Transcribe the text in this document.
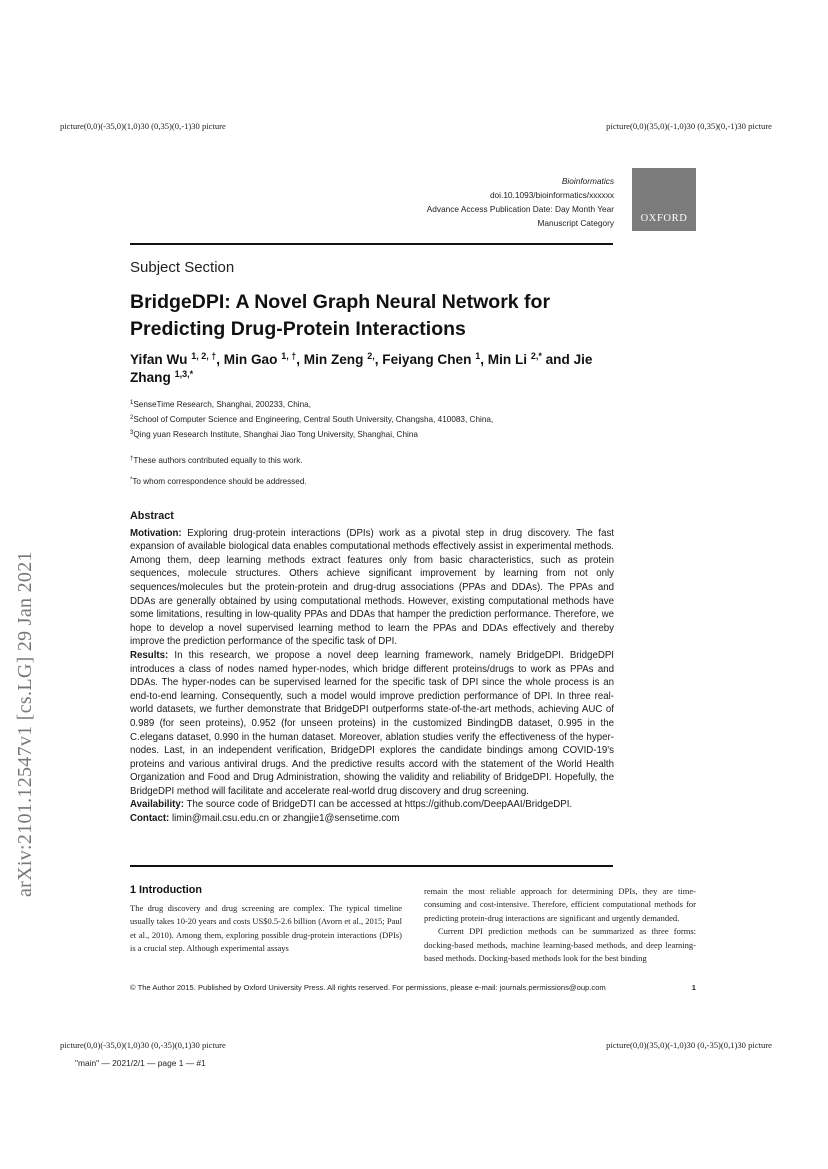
picture(0,0)(-35,0)(1,0)30 (0,35)(0,-1)30 picture	picture(0,0)(35,0)(-1,0)30 (0,35)(0,-1)30 picture
picture(0,0)(-35,0)(1,0)30 (0,-35)(0,1)30 picture	picture(0,0)(35,0)(-1,0)30 (0,-35)(0,1)30 picture
Bioinformatics
doi.10.1093/bioinformatics/xxxxxx
Advance Access Publication Date: Day Month Year
Manuscript Category	OXFORD
Subject Section
BridgeDPI: A Novel Graph Neural Network for Predicting Drug-Protein Interactions
Yifan Wu $^{1, 2, \dagger}$, Min Gao $^{1, \dagger}$, Min Zeng $^{2,}$, Feiyang Chen $^1$, Min Li $^{2,*}$ and Jie Zhang $^{1,3,*}$
$^1$SenseTime Research, Shanghai, 200233, China,
$^2$School of Computer Science and Engineering, Central South University, Changsha, 410083, China,
$^3$Qing yuan Research Institute, Shanghai Jiao Tong University, Shanghai, China
†These authors contributed equally to this work.
*To whom correspondence should be addressed.
Abstract

Motivation: Exploring drug-protein interactions (DPIs) work as a pivotal step in drug discovery. The fast expansion of available biological data enables computational methods effectively assist in experimental methods. Among them, deep learning methods extract features only from basic characteristics, such as protein sequences, molecule structures. Others achieve significant improvement by learning from not only sequences/molecules but the protein-protein and drug-drug associations (PPAs and DDAs). The PPAs and DDAs are generally obtained by using computational methods. However, existing computational methods have some limitations, resulting in low-quality PPAs and DDAs that hamper the prediction performance. Therefore, we hope to develop a novel supervised learning method to learn the PPAs and DDAs effectively and thereby improve the prediction performance of the specific task of DPI.

Results: In this research, we propose a novel deep learning framework, namely BridgeDPI. BridgeDPI introduces a class of nodes named hyper-nodes, which bridge different proteins/drugs to work as PPAs and DDAs. The hyper-nodes can be supervised learned for the specific task of DPI since the whole process is an end-to-end learning. Consequently, such a model would improve prediction performance of DPI. In three real-world datasets, we further demonstrate that BridgeDPI outperforms state-of-the-art methods, achieving AUC of 0.989 (for seen proteins), 0.952 (for unseen proteins) in the customized BindingDB dataset, 0.995 in the C.elegans dataset, 0.990 in the human dataset. Moreover, ablation studies verify the effectiveness of the hyper-nodes. Last, in an independent verification, BridgeDPI explores the candidate bindings among COVID-19's proteins and various antiviral drugs. And the predictive results accord with the statement of the World Health Organization and Food and Drug Administration, showing the validity and reliability of BridgeDPI. Hopefully, the BridgeDPI method will facilitate and accelerate real-world drug discovery and drug screening.

Availability: The source code of BridgeDTI can be accessed at https://github.com/DeepAAI/BridgeDPI.

Contact: limin@mail.csu.edu.cn or zhangjie1@sensetime.com

1 Introduction

The drug discovery and drug screening are complex. The typical timeline usually takes 10-20 years and costs US$0.5-2.6 billion (Avorn et al., 2015; Paul et al., 2010). Among them, exploring possible drug-protein interactions (DPIs) is a crucial step. Although experimental assays

remain the most reliable approach for determining DPIs, they are time-consuming and cost-intensive. Therefore, efficient computational methods for predicting protein-drug interactions are significant and urgently demanded.

Current DPI prediction methods can be summarized as three forms: docking-based methods, machine learning-based methods, and deep learning-based methods. Docking-based methods look for the best binding

© The Author 2015. Published by Oxford University Press. All rights reserved. For permissions, please e-mail: journals.permissions@oup.com	1
arXiv:2101.12547v1 [cs.LG] 29 Jan 2021
"main" — 2021/2/1 — page 1 — #1
